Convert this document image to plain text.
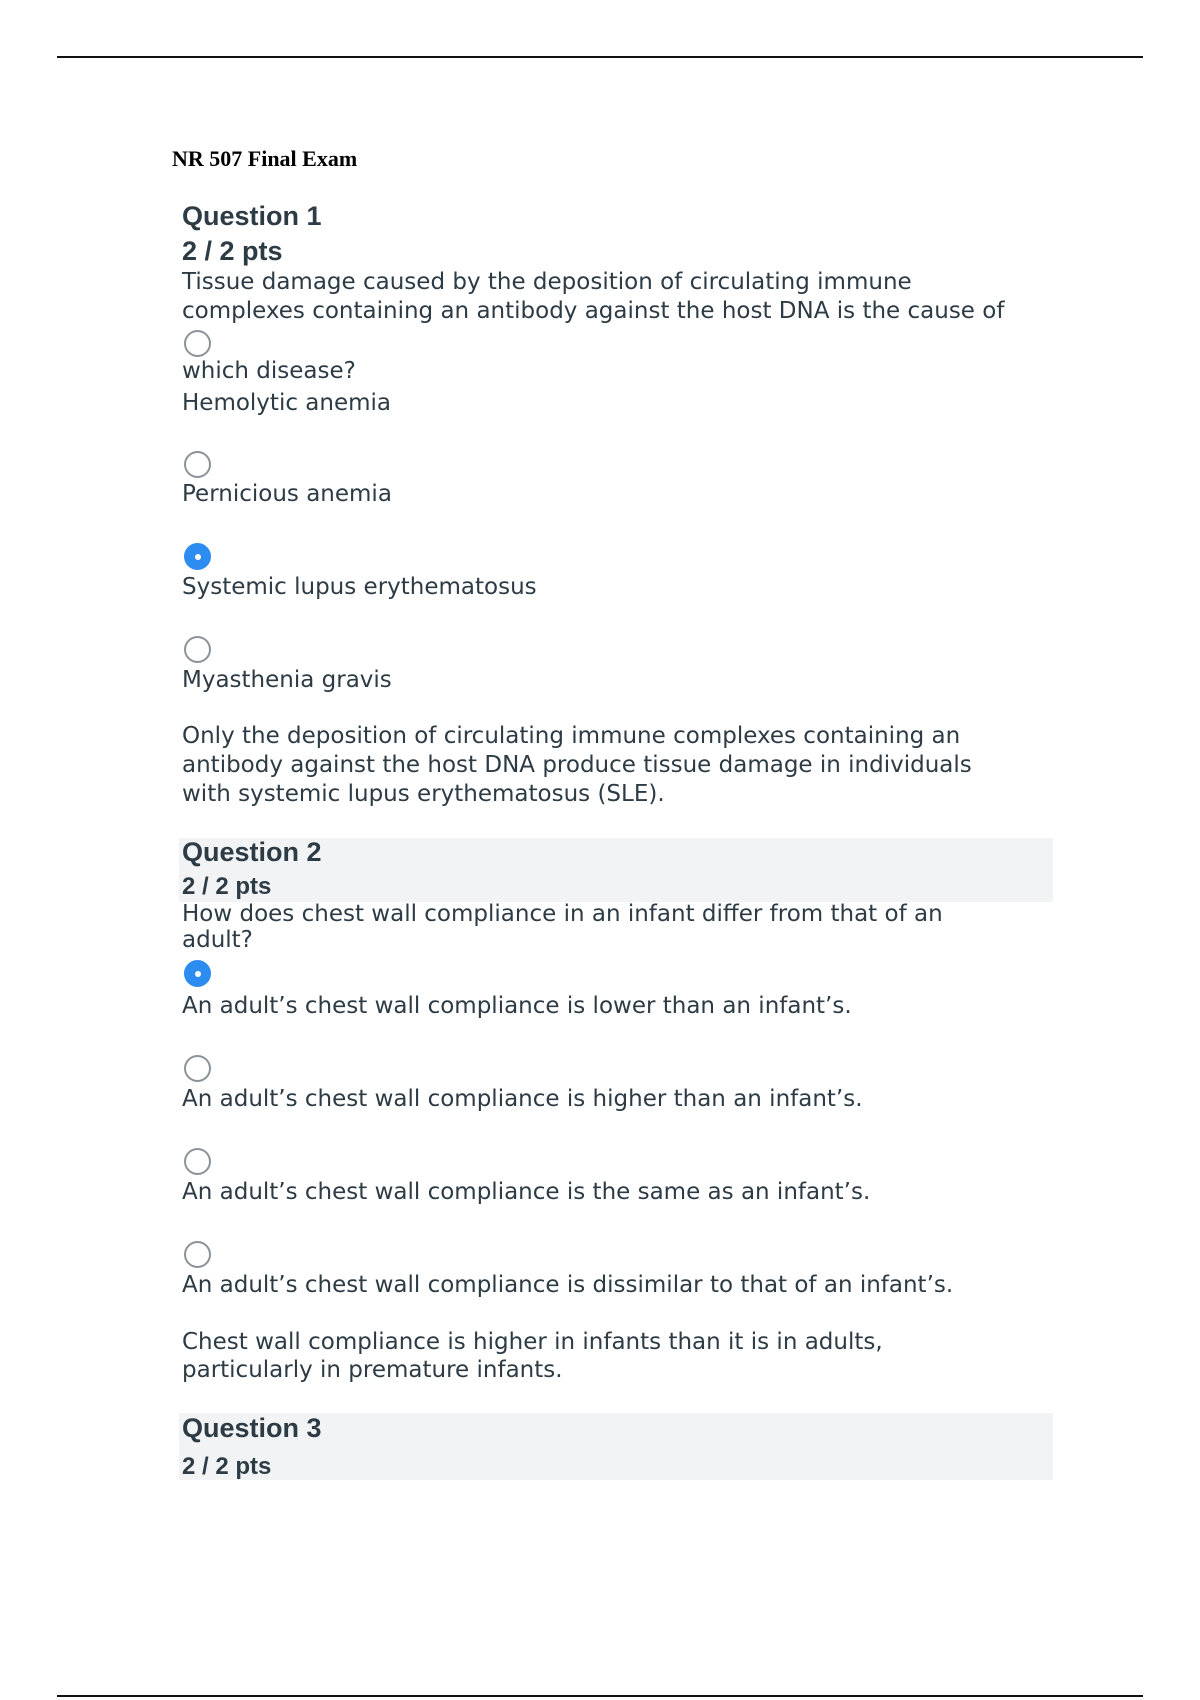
NR 507 Final Exam
Question 1
2 / 2 pts
Tissue damage caused by the deposition of circulating immune
complexes containing an antibody against the host DNA is the cause of
which disease?
Hemolytic anemia
Pernicious anemia
Systemic lupus erythematosus
Myasthenia gravis
Only the deposition of circulating immune complexes containing an
antibody against the host DNA produce tissue damage in individuals
with systemic lupus erythematosus (SLE).
Question 2
2 / 2 pts
How does chest wall compliance in an infant differ from that of an
adult?
An adult’s chest wall compliance is lower than an infant’s.
An adult’s chest wall compliance is higher than an infant’s.
An adult’s chest wall compliance is the same as an infant’s.
An adult’s chest wall compliance is dissimilar to that of an infant’s.
Chest wall compliance is higher in infants than it is in adults,
particularly in premature infants.
Question 3
2 / 2 pts
